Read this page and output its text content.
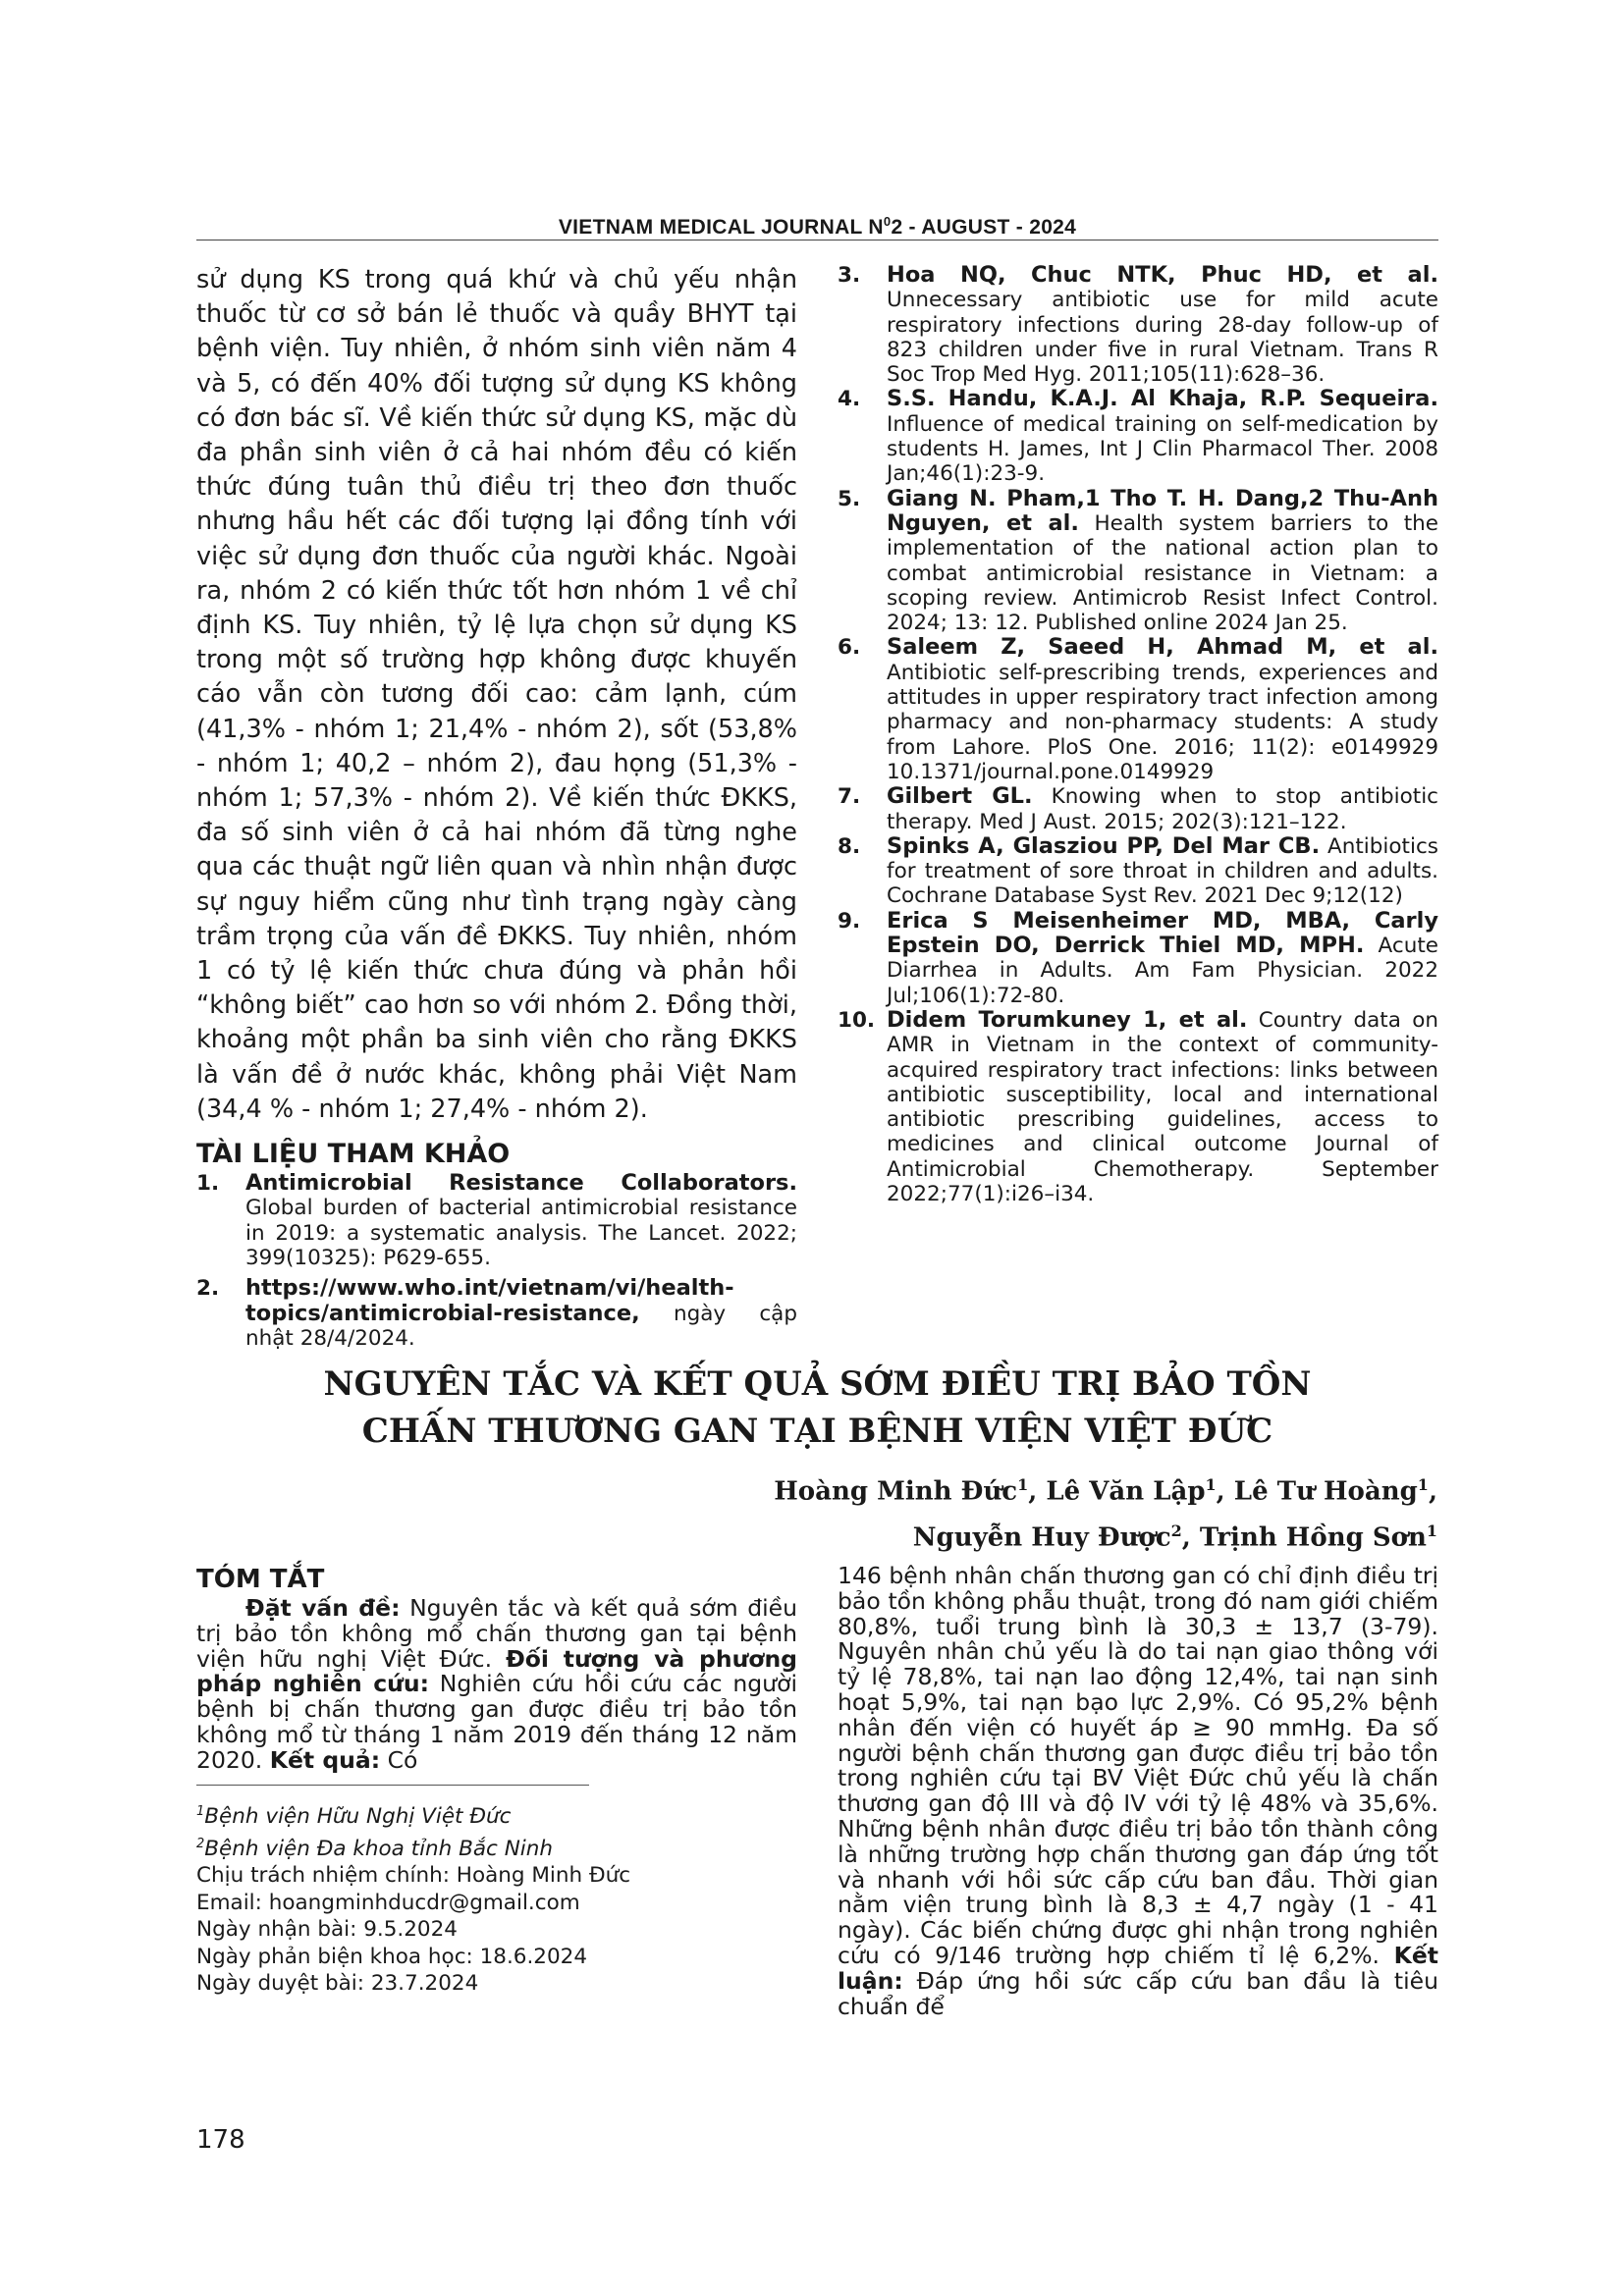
VIETNAM MEDICAL JOURNAL $N^02$ - AUGUST - 2024

sử dụng KS trong quá khứ và chủ yếu nhận thuốc từ cơ sở bán lẻ thuốc và quầy BHYT tại bệnh viện. Tuy nhiên, ở nhóm sinh viên năm 4 và 5, có đến 40% đối tượng sử dụng KS không có đơn bác sĩ. Về kiến thức sử dụng KS, mặc dù đa phần sinh viên ở cả hai nhóm đều có kiến thức đúng tuân thủ điều trị theo đơn thuốc nhưng hầu hết các đối tượng lại đồng tính với việc sử dụng đơn thuốc của người khác. Ngoài ra, nhóm 2 có kiến thức tốt hơn nhóm 1 về chỉ định KS. Tuy nhiên, tỷ lệ lựa chọn sử dụng KS trong một số trường hợp không được khuyến cáo vẫn còn tương đối cao: cảm lạnh, cúm (41,3% - nhóm 1; 21,4% - nhóm 2), sốt (53,8% - nhóm 1; 40,2 – nhóm 2), đau họng (51,3% - nhóm 1; 57,3% - nhóm 2). Về kiến thức ĐKKS, đa số sinh viên ở cả hai nhóm đã từng nghe qua các thuật ngữ liên quan và nhìn nhận được sự nguy hiểm cũng như tình trạng ngày càng trầm trọng của vấn đề ĐKKS. Tuy nhiên, nhóm 1 có tỷ lệ kiến thức chưa đúng và phản hồi “không biết” cao hơn so với nhóm 2. Đồng thời, khoảng một phần ba sinh viên cho rằng ĐKKS là vấn đề ở nước khác, không phải Việt Nam (34,4 % - nhóm 1; 27,4% - nhóm 2).

TÀI LIỆU THAM KHẢO
1. Antimicrobial Resistance Collaborators. Global burden of bacterial antimicrobial resistance in 2019: a systematic analysis. The Lancet. 2022; 399(10325): P629-655.
2. https://www.who.int/vietnam/vi/health-topics/antimicrobial-resistance, ngày cập nhật 28/4/2024.
3. Hoa NQ, Chuc NTK, Phuc HD, et al. Unnecessary antibiotic use for mild acute respiratory infections during 28-day follow-up of 823 children under five in rural Vietnam. Trans R Soc Trop Med Hyg. 2011;105(11):628–36.
4. S.S. Handu, K.A.J. Al Khaja, R.P. Sequeira. Influence of medical training on self-medication by students H. James, Int J Clin Pharmacol Ther. 2008 Jan;46(1):23-9.
5. Giang N. Pham,1 Tho T. H. Dang,2 Thu-Anh Nguyen, et al. Health system barriers to the implementation of the national action plan to combat antimicrobial resistance in Vietnam: a scoping review. Antimicrob Resist Infect Control. 2024; 13: 12. Published online 2024 Jan 25.
6. Saleem Z, Saeed H, Ahmad M, et al. Antibiotic self-prescribing trends, experiences and attitudes in upper respiratory tract infection among pharmacy and non-pharmacy students: A study from Lahore. PloS One. 2016; 11(2): e0149929 10.1371/journal.pone.0149929
7. Gilbert GL. Knowing when to stop antibiotic therapy. Med J Aust. 2015; 202(3):121–122.
8. Spinks A, Glasziou PP, Del Mar CB. Antibiotics for treatment of sore throat in children and adults. Cochrane Database Syst Rev. 2021 Dec 9;12(12)
9. Erica S Meisenheimer MD, MBA, Carly Epstein DO, Derrick Thiel MD, MPH. Acute Diarrhea in Adults. Am Fam Physician. 2022 Jul;106(1):72-80.
10. Didem Torumkuney 1, et al. Country data on AMR in Vietnam in the context of community-acquired respiratory tract infections: links between antibiotic susceptibility, local and international antibiotic prescribing guidelines, access to medicines and clinical outcome Journal of Antimicrobial Chemotherapy. September 2022;77(1):i26–i34.
NGUYÊN TẮC VÀ KẾT QUẢ SỚM ĐIỀU TRỊ BẢO TỒN
CHẤN THƯƠNG GAN TẠI BỆNH VIỆN VIỆT ĐỨC
Hoàng Minh Đức$^1$, Lê Văn Lập$^1$, Lê Tư Hoàng$^1$,
Nguyễn Huy Được$^2$, Trịnh Hồng Sơn$^1$
TÓM TẮT

Đặt vấn đề: Nguyên tắc và kết quả sớm điều trị bảo tồn không mổ chấn thương gan tại bệnh viện hữu nghị Việt Đức. Đối tượng và phương pháp nghiên cứu: Nghiên cứu hồi cứu các người bệnh bị chấn thương gan được điều trị bảo tồn không mổ từ tháng 1 năm 2019 đến tháng 12 năm 2020. Kết quả: Có

$^1$Bệnh viện Hữu Nghị Việt Đức
$^2$Bệnh viện Đa khoa tỉnh Bắc Ninh
Chịu trách nhiệm chính: Hoàng Minh Đức
Email: hoangminhducdr@gmail.com
Ngày nhận bài: 9.5.2024
Ngày phản biện khoa học: 18.6.2024
Ngày duyệt bài: 23.7.2024

146 bệnh nhân chấn thương gan có chỉ định điều trị bảo tồn không phẫu thuật, trong đó nam giới chiếm 80,8%, tuổi trung bình là 30,3 ± 13,7 (3-79). Nguyên nhân chủ yếu là do tai nạn giao thông với tỷ lệ 78,8%, tai nạn lao động 12,4%, tai nạn sinh hoạt 5,9%, tai nạn bạo lực 2,9%. Có 95,2% bệnh nhân đến viện có huyết áp ≥ 90 mmHg. Đa số người bệnh chấn thương gan được điều trị bảo tồn trong nghiên cứu tại BV Việt Đức chủ yếu là chấn thương gan độ III và độ IV với tỷ lệ 48% và 35,6%. Những bệnh nhân được điều trị bảo tồn thành công là những trường hợp chấn thương gan đáp ứng tốt và nhanh với hồi sức cấp cứu ban đầu. Thời gian nằm viện trung bình là 8,3 ± 4,7 ngày (1 - 41 ngày). Các biến chứng được ghi nhận trong nghiên cứu có 9/146 trường hợp chiếm tỉ lệ 6,2%. Kết luận: Đáp ứng hồi sức cấp cứu ban đầu là tiêu chuẩn để

178
